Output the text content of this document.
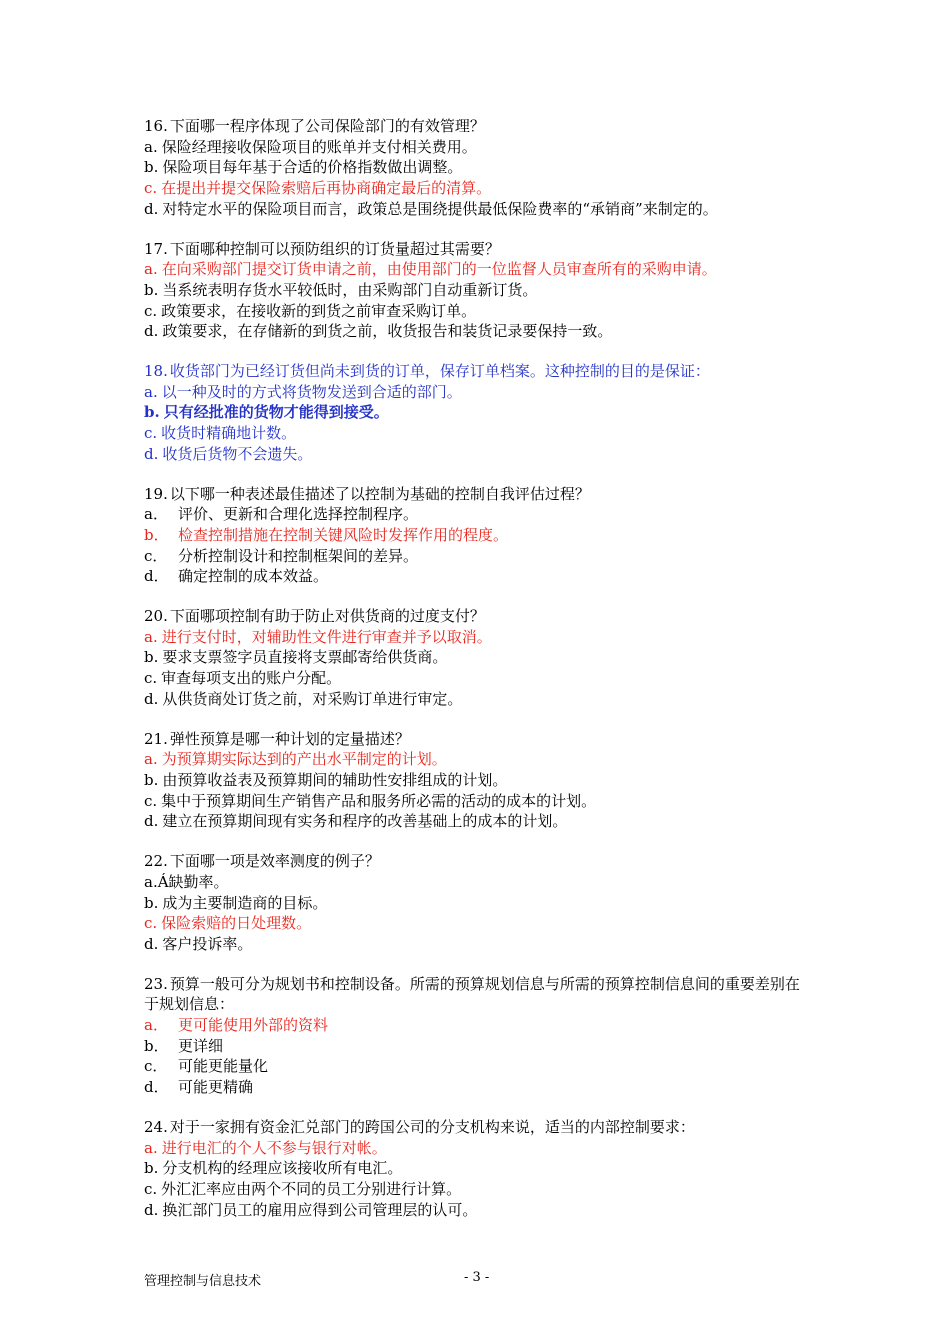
16. 下面哪一程序体现了公司保险部门的有效管理？
a. 保险经理接收保险项目的账单并支付相关费用。
b. 保险项目每年基于合适的价格指数做出调整。
c. 在提出并提交保险索赔后再协商确定最后的清算。
d. 对特定水平的保险项目而言，政策总是围绕提供最低保险费率的“承销商”来制定的。
17. 下面哪种控制可以预防组织的订货量超过其需要？
a. 在向采购部门提交订货申请之前，由使用部门的一位监督人员审查所有的采购申请。
b. 当系统表明存货水平较低时，由采购部门自动重新订货。
c. 政策要求，在接收新的到货之前审查采购订单。
d. 政策要求，在存储新的到货之前，收货报告和装货记录要保持一致。
18. 收货部门为已经订货但尚未到货的订单，保存订单档案。这种控制的目的是保证：
a. 以一种及时的方式将货物发送到合适的部门。
b. 只有经批准的货物才能得到接受。
c. 收货时精确地计数。
d. 收货后货物不会遗失。
19. 以下哪一种表述最佳描述了以控制为基础的控制自我评估过程？
a． 评价、更新和合理化选择控制程序。
b． 检查控制措施在控制关键风险时发挥作用的程度。
c． 分析控制设计和控制框架间的差异。
d． 确定控制的成本效益。
20. 下面哪项控制有助于防止对供货商的过度支付？
a. 进行支付时，对辅助性文件进行审查并予以取消。
b. 要求支票签字员直接将支票邮寄给供货商。
c. 审查每项支出的账户分配。
d. 从供货商处订货之前，对采购订单进行审定。
21. 弹性预算是哪一种计划的定量描述？
a. 为预算期实际达到的产出水平制定的计划。
b. 由预算收益表及预算期间的辅助性安排组成的计划。
c. 集中于预算期间生产销售产品和服务所必需的活动的成本的计划。
d. 建立在预算期间现有实务和程序的改善基础上的成本的计划。
22. 下面哪一项是效率测度的例子？
a.Á缺勤率。
b. 成为主要制造商的目标。
c. 保险索赔的日处理数。
d. 客户投诉率。
23. 预算一般可分为规划书和控制设备。所需的预算规划信息与所需的预算控制信息间的重要差别在于规划信息：
a． 更可能使用外部的资料
b． 更详细
c． 可能更能量化
d． 可能更精确
24. 对于一家拥有资金汇兑部门的跨国公司的分支机构来说，适当的内部控制要求：
a. 进行电汇的个人不参与银行对帐。
b. 分支机构的经理应该接收所有电汇。
c. 外汇汇率应由两个不同的员工分别进行计算。
d. 换汇部门员工的雇用应得到公司管理层的认可。
管理控制与信息技术	- 3 -
